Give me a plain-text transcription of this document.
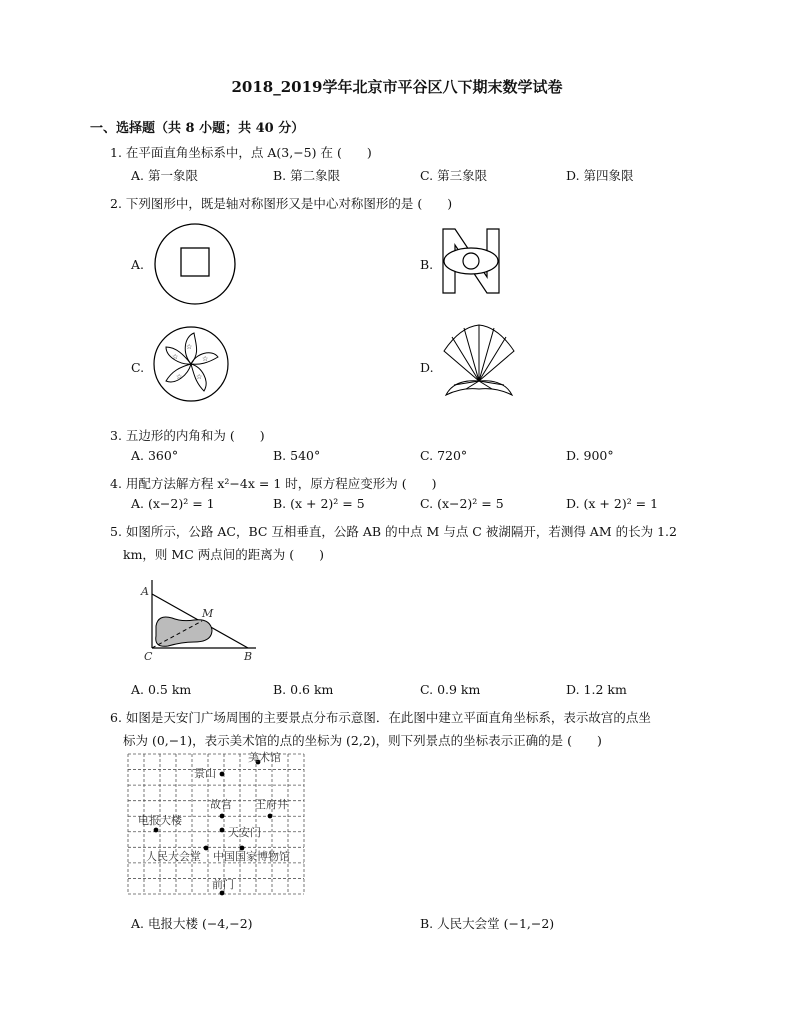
2018_2019学年北京市平谷区八下期末数学试卷
一、选择题（共 8 小题；共 40 分）
1. 在平面直角坐标系中，点 A(3,−5) 在 (　　)
A. 第一象限	B. 第二象限	C. 第三象限	D. 第四象限
2. 下列图形中，既是轴对称图形又是中心对称图形的是 (　　)
A.	B.
C.	D.
☆
☆
☆
☆
☆
3. 五边形的内角和为 (　　)
A. 360°	B. 540°	C. 720°	D. 900°
4. 用配方法解方程 x²−4x = 1 时，原方程应变形为 (　　)
A. (x−2)² = 1	B. (x + 2)² = 5	C. (x−2)² = 5	D. (x + 2)² = 1
5. 如图所示，公路 AC，BC 互相垂直，公路 AB 的中点 M 与点 C 被湖隔开，若测得 AM 的长为 1.2
km，则 MC 两点间的距离为 (　　)
A
M
C	B
A. 0.5 km	B. 0.6 km	C. 0.9 km	D. 1.2 km
6. 如图是天安门广场周围的主要景点分布示意图．在此图中建立平面直角坐标系，表示故宫的点坐
标为 (0,−1)，表示美术馆的点的坐标为 (2,2)，则下列景点的坐标表示正确的是 (　　)
美术馆
景山
故宫 王府井
电报大楼
天安门
人民大会堂 中国国家博物馆
前门
A. 电报大楼 (−4,−2)	B. 人民大会堂 (−1,−2)
